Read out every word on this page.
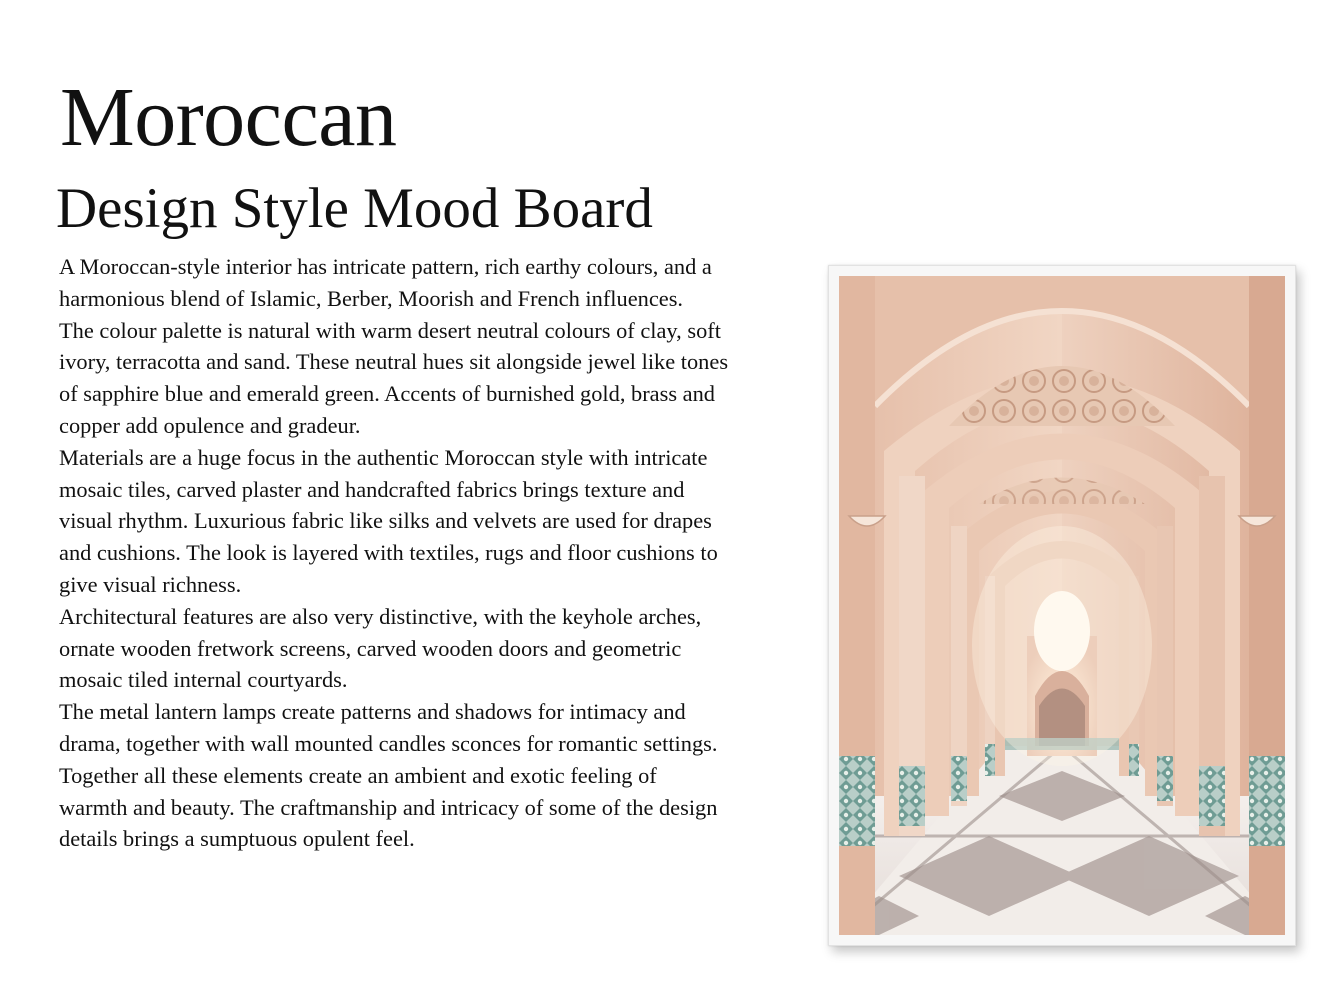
Moroccan
Design Style Mood Board

A Moroccan-style interior has intricate pattern, rich earthy colours, and a harmonious blend of Islamic, Berber, Moorish and French influences.

The colour palette is natural with warm desert neutral colours of clay, soft ivory, terracotta and sand. These neutral hues sit alongside jewel like tones of sapphire blue and emerald green. Accents of burnished gold, brass and copper add opulence and gradeur.

Materials are a huge focus in the authentic Moroccan style with intricate mosaic tiles, carved plaster and handcrafted fabrics brings texture and visual rhythm. Luxurious fabric like silks and velvets are used for drapes and cushions. The look is layered with textiles, rugs and floor cushions to give visual richness.

Architectural features are also very distinctive, with the keyhole arches, ornate wooden fretwork screens, carved wooden doors and geometric mosaic tiled internal courtyards.

The metal lantern lamps create patterns and shadows for intimacy and drama, together with wall mounted candles sconces for romantic settings.

Together all these elements create an ambient and exotic feeling of warmth and beauty. The craftmanship and intricacy of some of the design details brings a sumptuous opulent feel.
